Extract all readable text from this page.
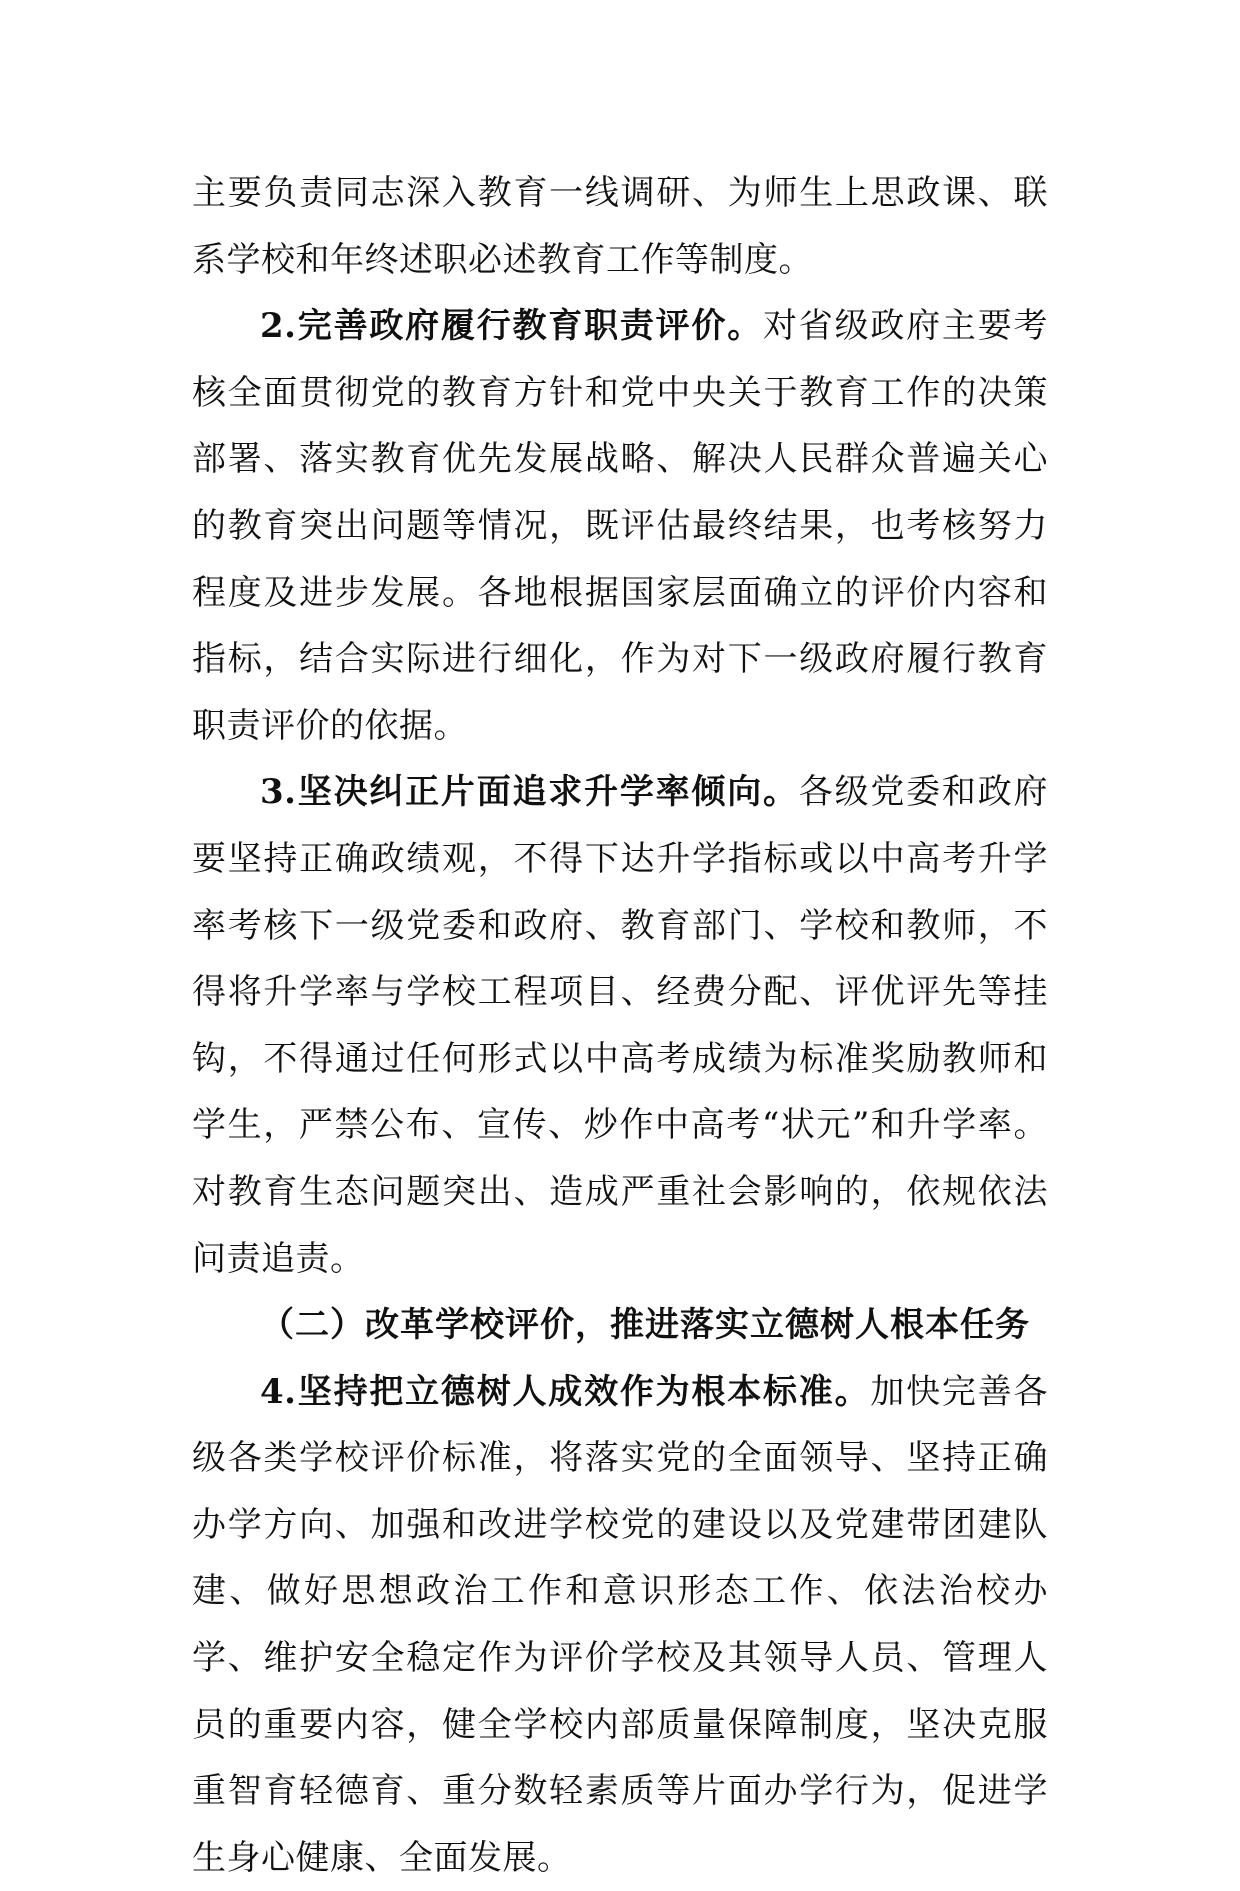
主要负责同志深入教育一线调研、为师生上思政课、联系学校和年终述职必述教育工作等制度。

2.完善政府履行教育职责评价。对省级政府主要考核全面贯彻党的教育方针和党中央关于教育工作的决策部署、落实教育优先发展战略、解决人民群众普遍关心的教育突出问题等情况，既评估最终结果，也考核努力程度及进步发展。各地根据国家层面确立的评价内容和指标，结合实际进行细化，作为对下一级政府履行教育职责评价的依据。

3.坚决纠正片面追求升学率倾向。各级党委和政府要坚持正确政绩观，不得下达升学指标或以中高考升学率考核下一级党委和政府、教育部门、学校和教师，不得将升学率与学校工程项目、经费分配、评优评先等挂钩，不得通过任何形式以中高考成绩为标准奖励教师和学生，严禁公布、宣传、炒作中高考“状元”和升学率。对教育生态问题突出、造成严重社会影响的，依规依法问责追责。

（二）改革学校评价，推进落实立德树人根本任务

4.坚持把立德树人成效作为根本标准。加快完善各级各类学校评价标准，将落实党的全面领导、坚持正确办学方向、加强和改进学校党的建设以及党建带团建队建、做好思想政治工作和意识形态工作、依法治校办学、维护安全稳定作为评价学校及其领导人员、管理人员的重要内容，健全学校内部质量保障制度，坚决克服重智育轻德育、重分数轻素质等片面办学行为，促进学生身心健康、全面发展。
